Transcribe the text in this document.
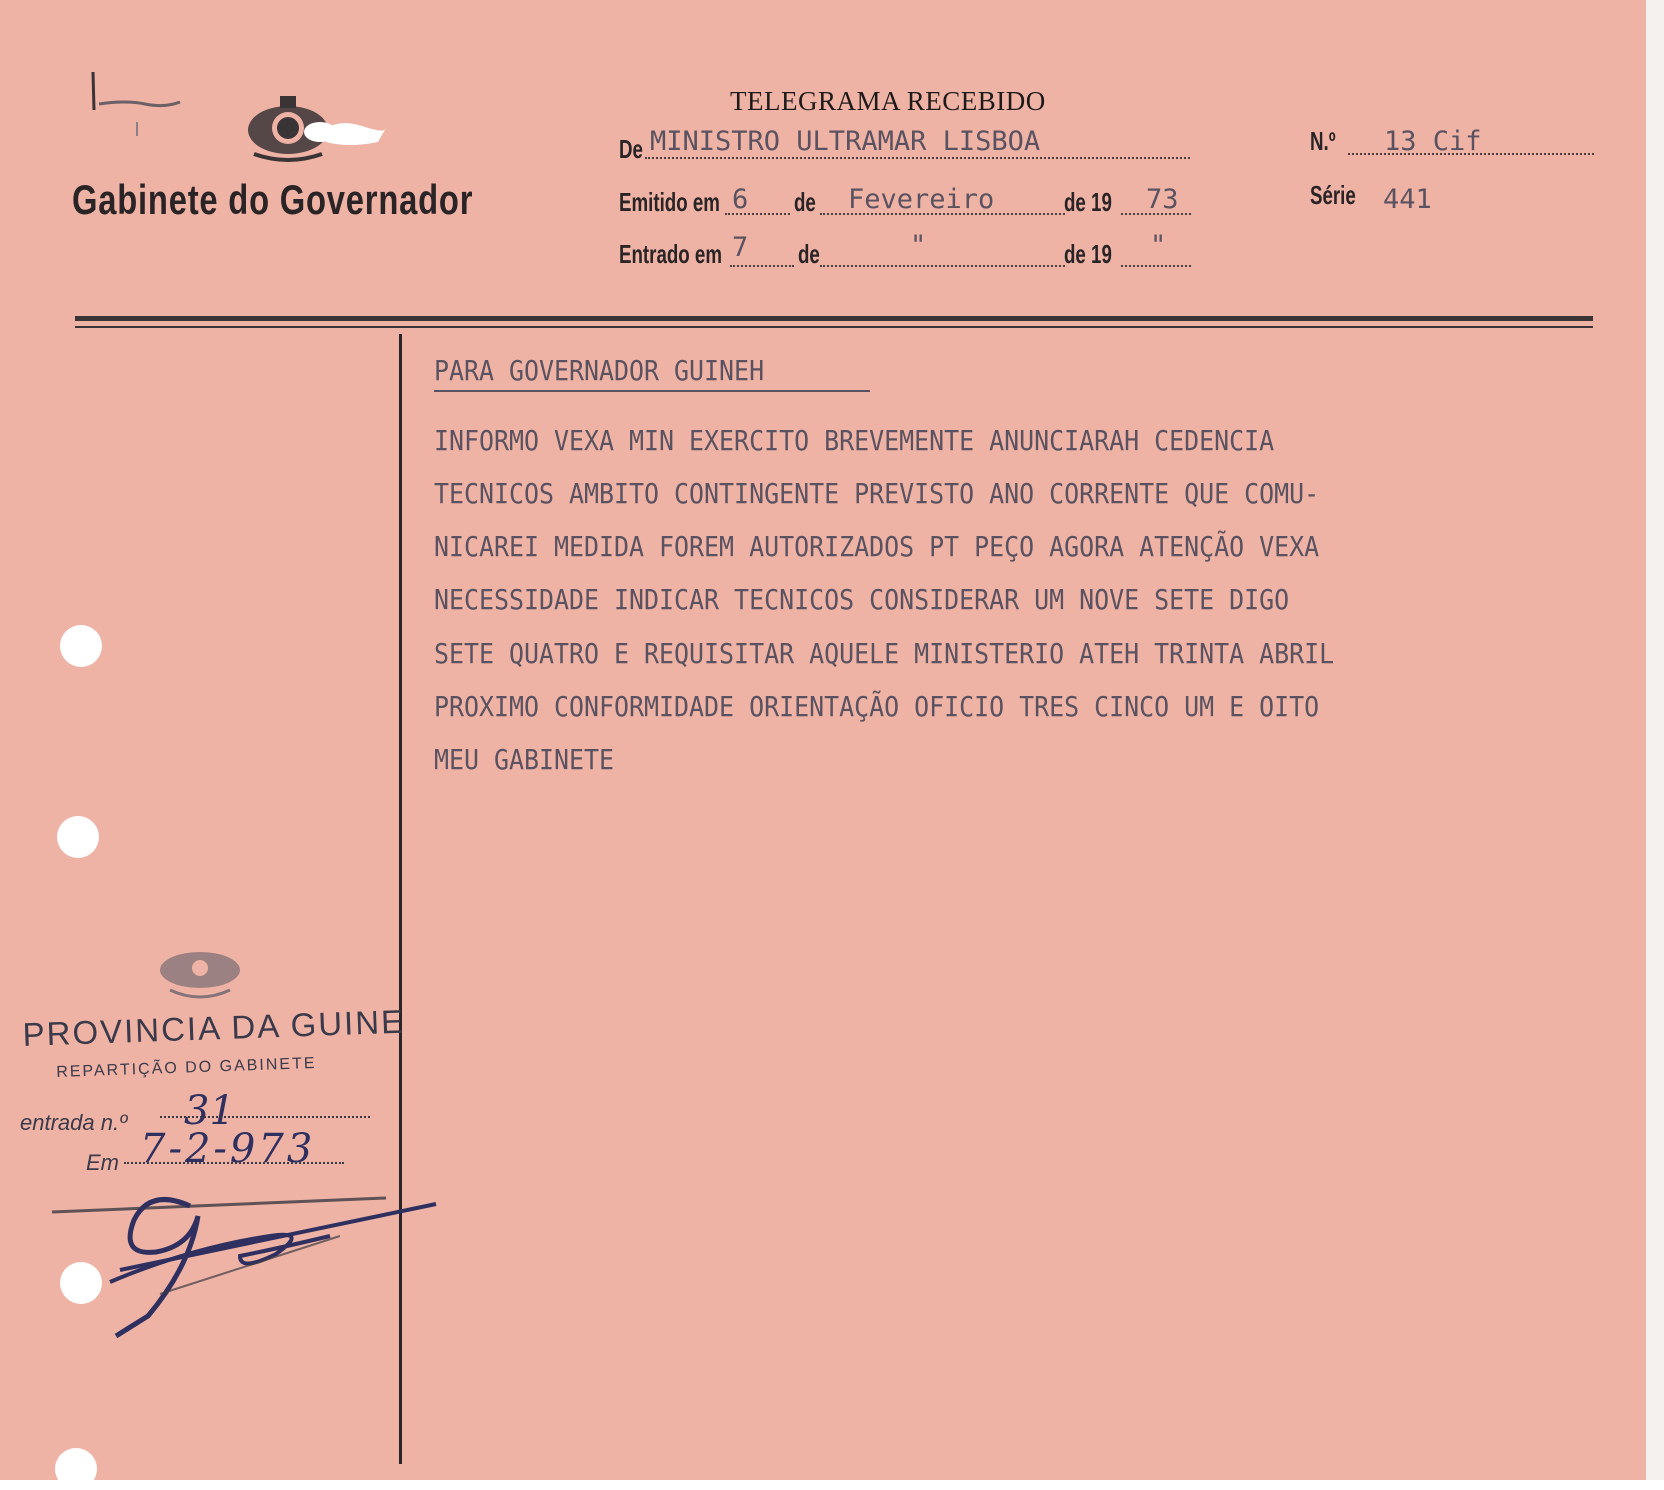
Gabinete do Governador
TELEGRAMA RECEBIDO
De MINISTRO ULTRAMAR LISBOA	N.º 13 Cif
Emitido em 6 de Fevereiro	de 19 73	Série 441
Entrado em 7 de	"	de 19 "
PARA GOVERNADOR GUINEH
INFORMO VEXA MIN EXERCITO BREVEMENTE ANUNCIARAH CEDENCIA
TECNICOS AMBITO CONTINGENTE PREVISTO ANO CORRENTE QUE COMU-
NICAREI MEDIDA FOREM AUTORIZADOS PT PEÇO AGORA ATENÇÃO VEXA
NECESSIDADE INDICAR TECNICOS CONSIDERAR UM NOVE SETE DIGO
SETE QUATRO E REQUISITAR AQUELE MINISTERIO ATEH TRINTA ABRIL
PROXIMO CONFORMIDADE ORIENTAÇÃO OFICIO TRES CINCO UM E OITO
MEU GABINETE
PROVINCIA DA GUINE
REPARTIÇÃO DO GABINETE
entrada n.º 31
Em 7-2-973
